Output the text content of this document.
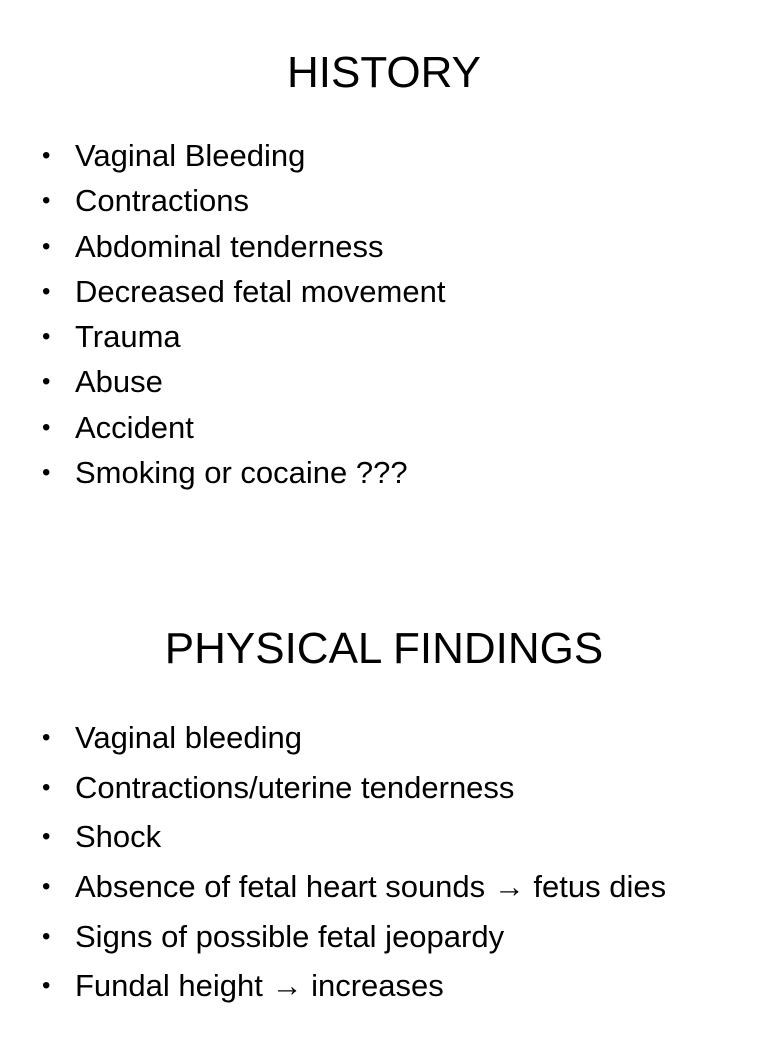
HISTORY
• Vaginal Bleeding
• Contractions
• Abdominal tenderness
• Decreased fetal movement
• Trauma
• Abuse
• Accident
• Smoking or cocaine ???
PHYSICAL FINDINGS
• Vaginal bleeding
• Contractions/uterine tenderness
• Shock
• Absence of fetal heart sounds → fetus dies
• Signs of possible fetal jeopardy
• Fundal height → increases
